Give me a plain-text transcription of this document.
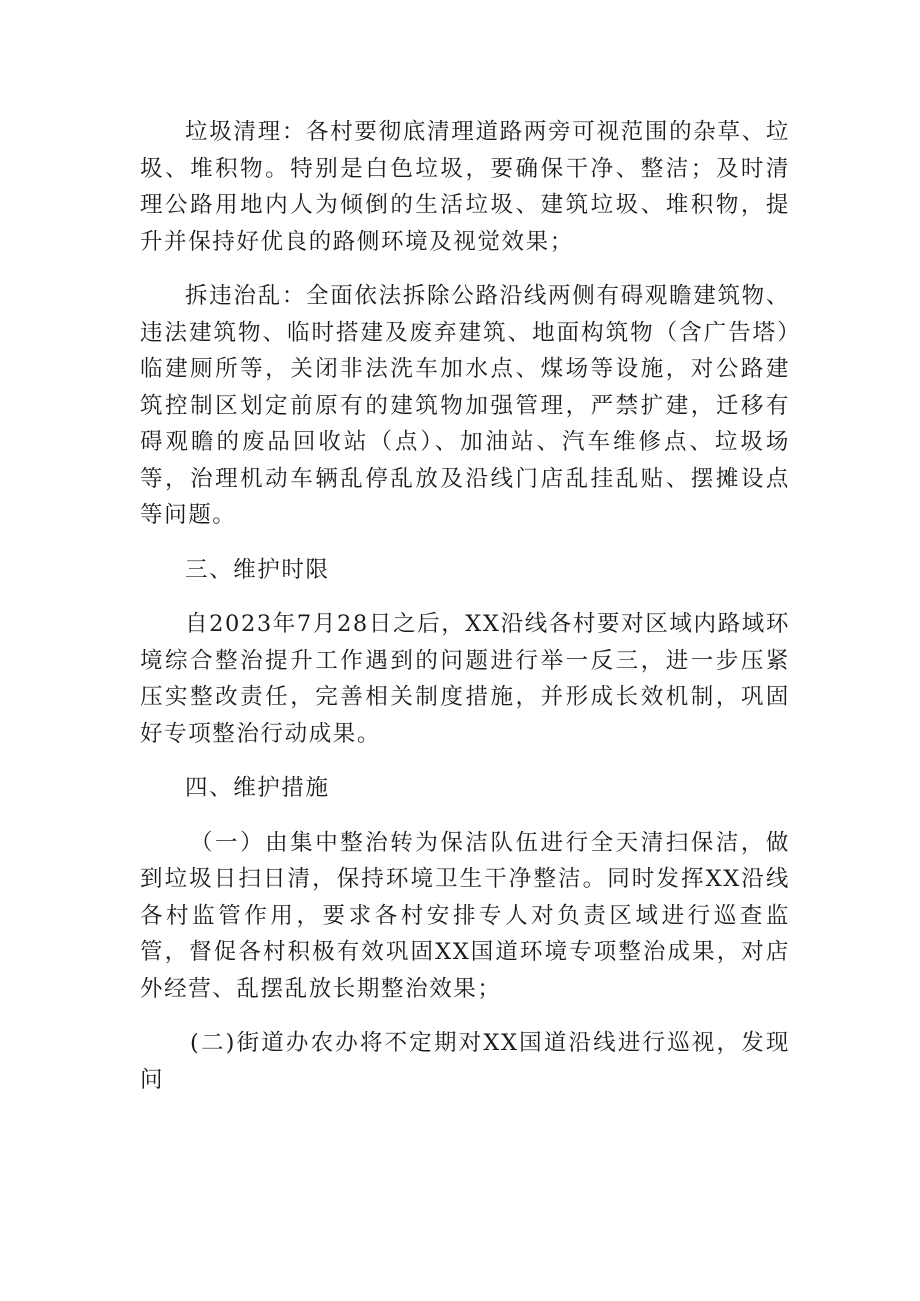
垃圾清理：各村要彻底清理道路两旁可视范围的杂草、垃圾、堆积物。特别是白色垃圾，要确保干净、整洁；及时清理公路用地内人为倾倒的生活垃圾、建筑垃圾、堆积物，提升并保持好优良的路侧环境及视觉效果；

拆违治乱：全面依法拆除公路沿线两侧有碍观瞻建筑物、违法建筑物、临时搭建及废弃建筑、地面构筑物（含广告塔）临建厕所等，关闭非法洗车加水点、煤场等设施，对公路建筑控制区划定前原有的建筑物加强管理，严禁扩建，迁移有碍观瞻的废品回收站（点）、加油站、汽车维修点、垃圾场等，治理机动车辆乱停乱放及沿线门店乱挂乱贴、摆摊设点等问题。

三、维护时限

自2023年7月28日之后，XX沿线各村要对区域内路域环境综合整治提升工作遇到的问题进行举一反三，进一步压紧压实整改责任，完善相关制度措施，并形成长效机制，巩固好专项整治行动成果。

四、维护措施

（一）由集中整治转为保洁队伍进行全天清扫保洁，做到垃圾日扫日清，保持环境卫生干净整洁。同时发挥XX沿线各村监管作用，要求各村安排专人对负责区域进行巡查监管，督促各村积极有效巩固XX国道环境专项整治成果，对店外经营、乱摆乱放长期整治效果；

(二)街道办农办将不定期对XX国道沿线进行巡视，发现问
